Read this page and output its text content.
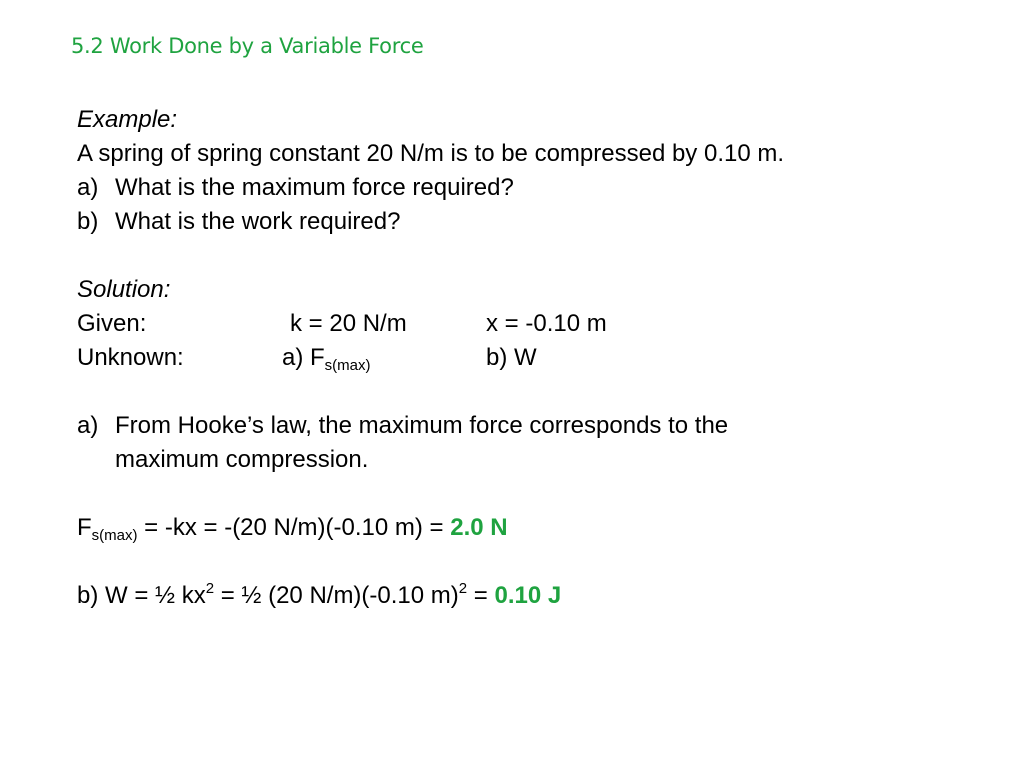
5.2 Work Done by a Variable Force
Example:
A spring of spring constant 20 N/m is to be compressed by 0.10 m.
a) What is the maximum force required?
b) What is the work required?
Solution:
Given:	k = 20 N/m	x = -0.10 m
Unknown:	a) $F_{s(max)}$	b) W
a) From Hooke’s law, the maximum force corresponds to the
maximum compression.
$F_{s(max)} = -kx = -(20$ N/m)(-0.10 m) = 2.0 N
b) W = ½ $kx^2$ = ½ (20 N/m)(-0.10 m)$^2$ = 0.10 J
